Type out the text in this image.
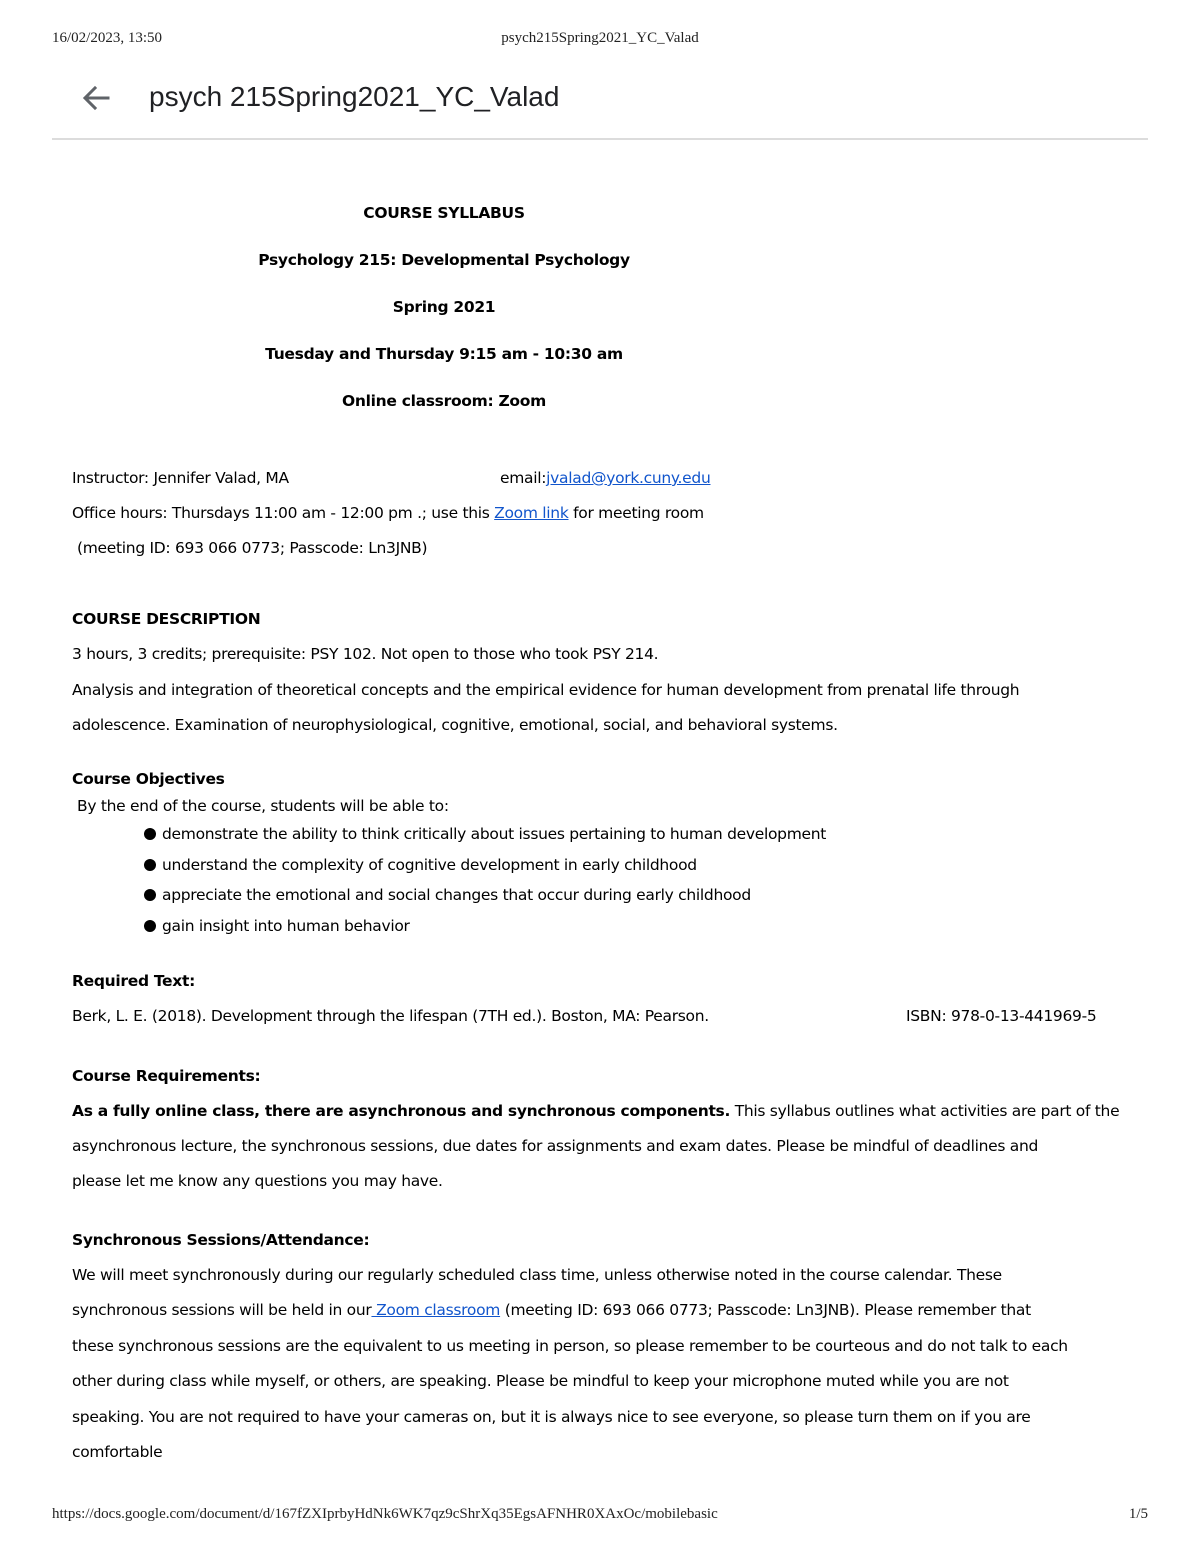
16/02/2023, 13:50	psych215Spring2021_YC_Valad
psych 215Spring2021_YC_Valad
COURSE SYLLABUS
Psychology 215: Developmental Psychology
Spring 2021
Tuesday and Thursday 9:15 am - 10:30 am
Online classroom: Zoom
Instructor: Jennifer Valad, MA	email:jvalad@york.cuny.edu
Office hours: Thursdays 11:00 am - 12:00 pm .; use this Zoom link for meeting room
(meeting ID: 693 066 0773; Passcode: Ln3JNB)
COURSE DESCRIPTION
3 hours, 3 credits; prerequisite: PSY 102. Not open to those who took PSY 214.
Analysis and integration of theoretical concepts and the empirical evidence for human development from prenatal life through
adolescence. Examination of neurophysiological, cognitive, emotional, social, and behavioral systems.
Course Objectives
By the end of the course, students will be able to:
demonstrate the ability to think critically about issues pertaining to human development
understand the complexity of cognitive development in early childhood
appreciate the emotional and social changes that occur during early childhood
gain insight into human behavior
Required Text:
Berk, L. E. (2018). Development through the lifespan (7TH ed.). Boston, MA: Pearson.	ISBN: 978-0-13-441969-5
Course Requirements:
As a fully online class, there are asynchronous and synchronous components. This syllabus outlines what activities are part of the
asynchronous lecture, the synchronous sessions, due dates for assignments and exam dates. Please be mindful of deadlines and
please let me know any questions you may have.
Synchronous Sessions/Attendance:
We will meet synchronously during our regularly scheduled class time, unless otherwise noted in the course calendar. These
synchronous sessions will be held in our Zoom classroom (meeting ID: 693 066 0773; Passcode: Ln3JNB). Please remember that
these synchronous sessions are the equivalent to us meeting in person, so please remember to be courteous and do not talk to each
other during class while myself, or others, are speaking. Please be mindful to keep your microphone muted while you are not
speaking. You are not required to have your cameras on, but it is always nice to see everyone, so please turn them on if you are
comfortable
https://docs.google.com/document/d/167fZXIprbyHdNk6WK7qz9cShrXq35EgsAFNHR0XAxOc/mobilebasic	1/5
